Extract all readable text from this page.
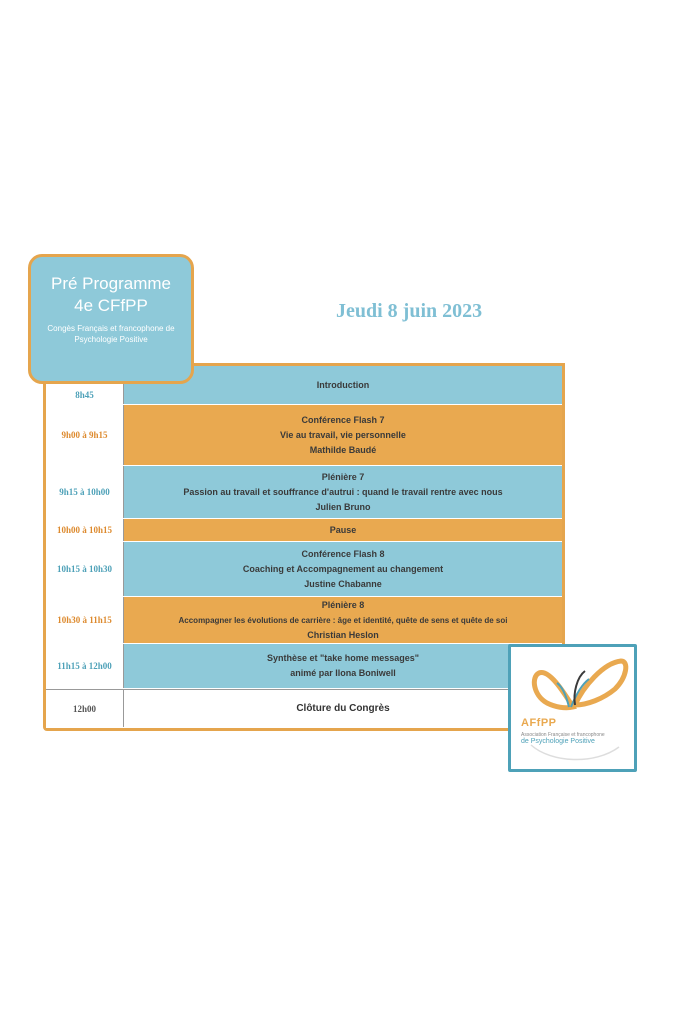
Pré Programme
4e CFfPP
Congès Français et francophone de Psychologie Positive
Jeudi 8 juin 2023
8h45
Introduction
9h00 à 9h15
Conférence Flash 7
Vie au travail, vie personnelle
Mathilde Baudé
9h15 à 10h00
Plénière 7
Passion au travail et souffrance d'autrui : quand le travail rentre avec nous
Julien Bruno
10h00 à 10h15	Pause
10h15 à 10h30
Conférence Flash 8
Coaching et Accompagnement au changement
Justine Chabanne
10h30 à 11h15
Plénière 8
Accompagner les évolutions de carrière : âge et identité, quête de sens et quête de soi
Christian Heslon
11h15 à 12h00
Synthèse et "take home messages"
animé par Ilona Boniwell
12h00	Clôture du Congrès
AFfPP
Association Française et francophone
de Psychologie Positive
